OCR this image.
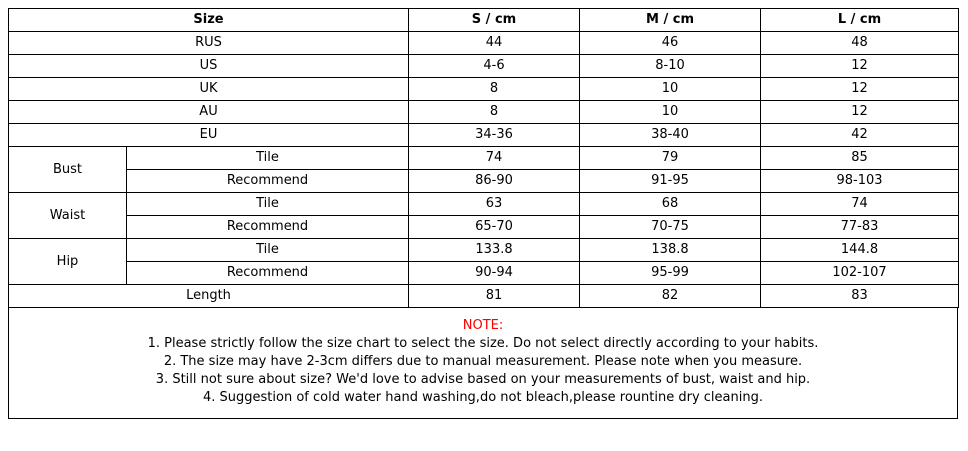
Size		S / cm	M / cm	L / cm
RUS		44	46	48
US		4-6	8-10	12
UK		8	10	12
AU		8	10	12
EU		34-36	38-40	42
Bust	Tile	74	79	85
	Recommend	86-90	91-95	98-103
Waist	Tile	63	68	74
	Recommend	65-70	70-75	77-83
Hip	Tile	133.8	138.8	144.8
	Recommend	90-94	95-99	102-107
Length		81	82	83
NOTE:
1. Please strictly follow the size chart to select the size. Do not select directly according to your habits.
2. The size may have 2-3cm differs due to manual measurement. Please note when you measure.
3. Still not sure about size? We'd love to advise based on your measurements of bust, waist and hip.
4. Suggestion of cold water hand washing,do not bleach,please rountine dry cleaning.
